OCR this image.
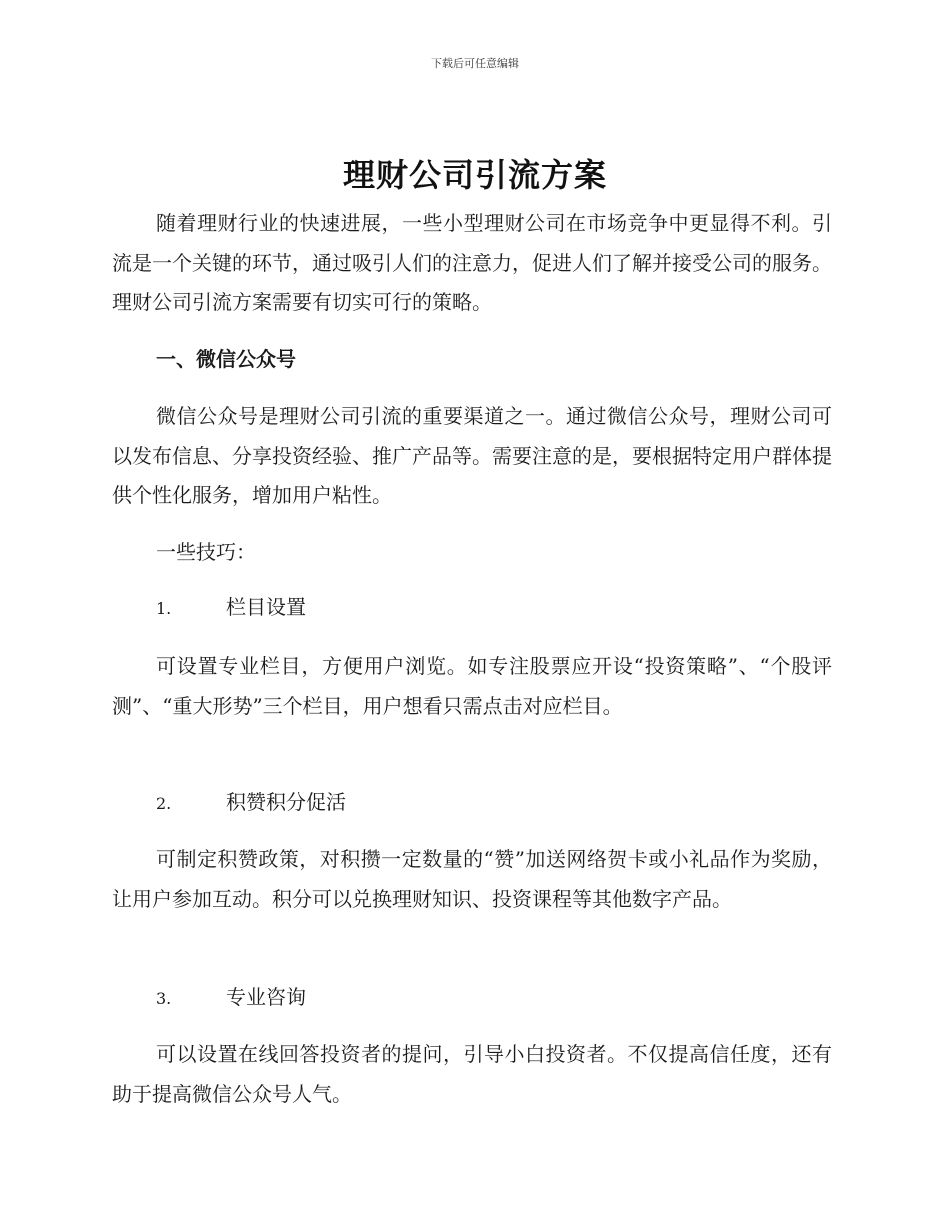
下载后可任意编辑
理财公司引流方案

随着理财行业的快速进展，一些小型理财公司在市场竞争中更显得不利。引流是一个关键的环节，通过吸引人们的注意力，促进人们了解并接受公司的服务。理财公司引流方案需要有切实可行的策略。

一、微信公众号

微信公众号是理财公司引流的重要渠道之一。通过微信公众号，理财公司可以发布信息、分享投资经验、推广产品等。需要注意的是，要根据特定用户群体提供个性化服务，增加用户粘性。

一些技巧：

1.	栏目设置

可设置专业栏目，方便用户浏览。如专注股票应开设“投资策略”、“个股评测”、“重大形势”三个栏目，用户想看只需点击对应栏目。

2.	积赞积分促活

可制定积赞政策，对积攒一定数量的“赞”加送网络贺卡或小礼品作为奖励，让用户参加互动。积分可以兑换理财知识、投资课程等其他数字产品。

3.	专业咨询

可以设置在线回答投资者的提问，引导小白投资者。不仅提高信任度，还有助于提高微信公众号人气。
